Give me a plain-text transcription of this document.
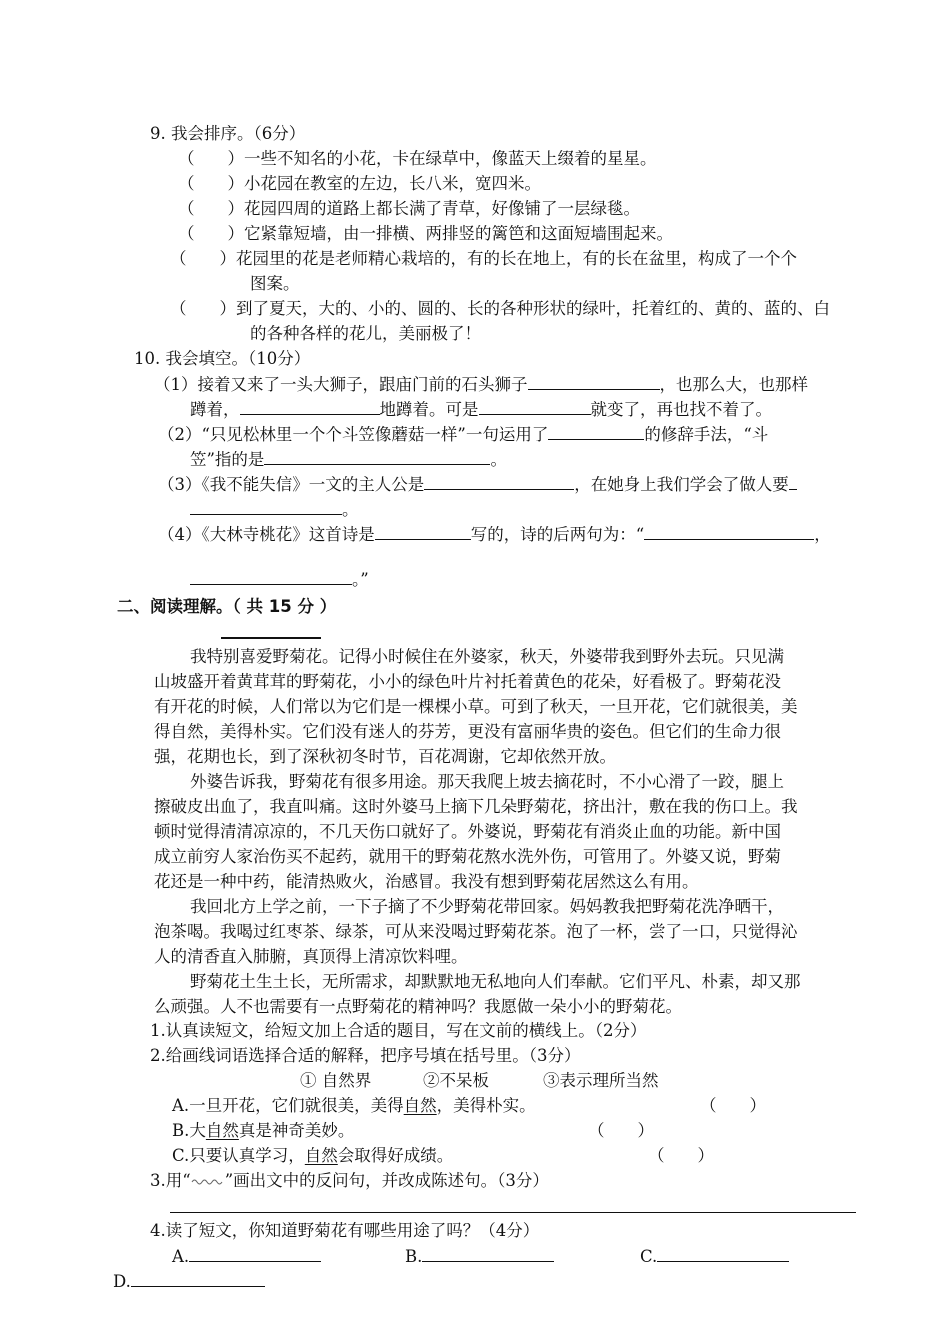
9. 我会排序。（6分）
（　　）一些不知名的小花，卡在绿草中，像蓝天上缀着的星星。
（　　）小花园在教室的左边，长八米，宽四米。
（　　）花园四周的道路上都长满了青草，好像铺了一层绿毯。
（　　）它紧靠短墙，由一排横、两排竖的篱笆和这面短墙围起来。
（　　）花园里的花是老师精心栽培的，有的长在地上，有的长在盆里，构成了一个个
图案。
（　　）到了夏天，大的、小的、圆的、长的各种形状的绿叶，托着红的、黄的、蓝的、白
的各种各样的花儿，美丽极了！
10. 我会填空。（10分）
（1）接着又来了一头大狮子，跟庙门前的石头狮子	，也那么大，也那样
蹲着，	地蹲着。可是	就变了，再也找不着了。
（2）“只见松林里一个个斗笠像蘑菇一样”一句运用了	的修辞手法，“斗
笠”指的是	。
（3）《我不能失信》一文的主人公是	，在她身上我们学会了做人要
。
（4）《大林寺桃花》这首诗是	写的，诗的后两句为：“	，
。”
二、阅读理解。（ 共 15 分 ）
我特别喜爱野菊花。记得小时候住在外婆家，秋天，外婆带我到野外去玩。只见满
山坡盛开着黄茸茸的野菊花，小小的绿色叶片衬托着黄色的花朵，好看极了。野菊花没
有开花的时候，人们常以为它们是一棵棵小草。可到了秋天，一旦开花，它们就很美，美
得自然，美得朴实。它们没有迷人的芬芳，更没有富丽华贵的姿色。但它们的生命力很
强，花期也长，到了深秋初冬时节，百花凋谢，它却依然开放。
外婆告诉我，野菊花有很多用途。那天我爬上坡去摘花时，不小心滑了一跤，腿上
擦破皮出血了，我直叫痛。这时外婆马上摘下几朵野菊花，挤出汁，敷在我的伤口上。我
顿时觉得清清凉凉的，不几天伤口就好了。外婆说，野菊花有消炎止血的功能。新中国
成立前穷人家治伤买不起药，就用干的野菊花熬水洗外伤，可管用了。外婆又说，野菊
花还是一种中药，能清热败火，治感冒。我没有想到野菊花居然这么有用。
我回北方上学之前，一下子摘了不少野菊花带回家。妈妈教我把野菊花洗净晒干，
泡茶喝。我喝过红枣茶、绿茶，可从来没喝过野菊花茶。泡了一杯，尝了一口，只觉得沁
人的清香直入肺腑，真顶得上清凉饮料哩。
野菊花土生土长，无所需求，却默默地无私地向人们奉献。它们平凡、朴素，却又那
么顽强。人不也需要有一点野菊花的精神吗？我愿做一朵小小的野菊花。
1.认真读短文，给短文加上合适的题目，写在文前的横线上。（2分）
2.给画线词语选择合适的解释，把序号填在括号里。（3分）
① 自然界	②不呆板	③表示理所当然
A.一旦开花，它们就很美，美得自然，美得朴实。	（　　）
B.大自然真是神奇美妙。	（　　）
C.只要认真学习，自然会取得好成绩。	（　　）
3.用“ ”画出文中的反问句，并改成陈述句。（3分）
4.读了短文，你知道野菊花有哪些用途了吗？（4分）
A.	B.	C.
D.
